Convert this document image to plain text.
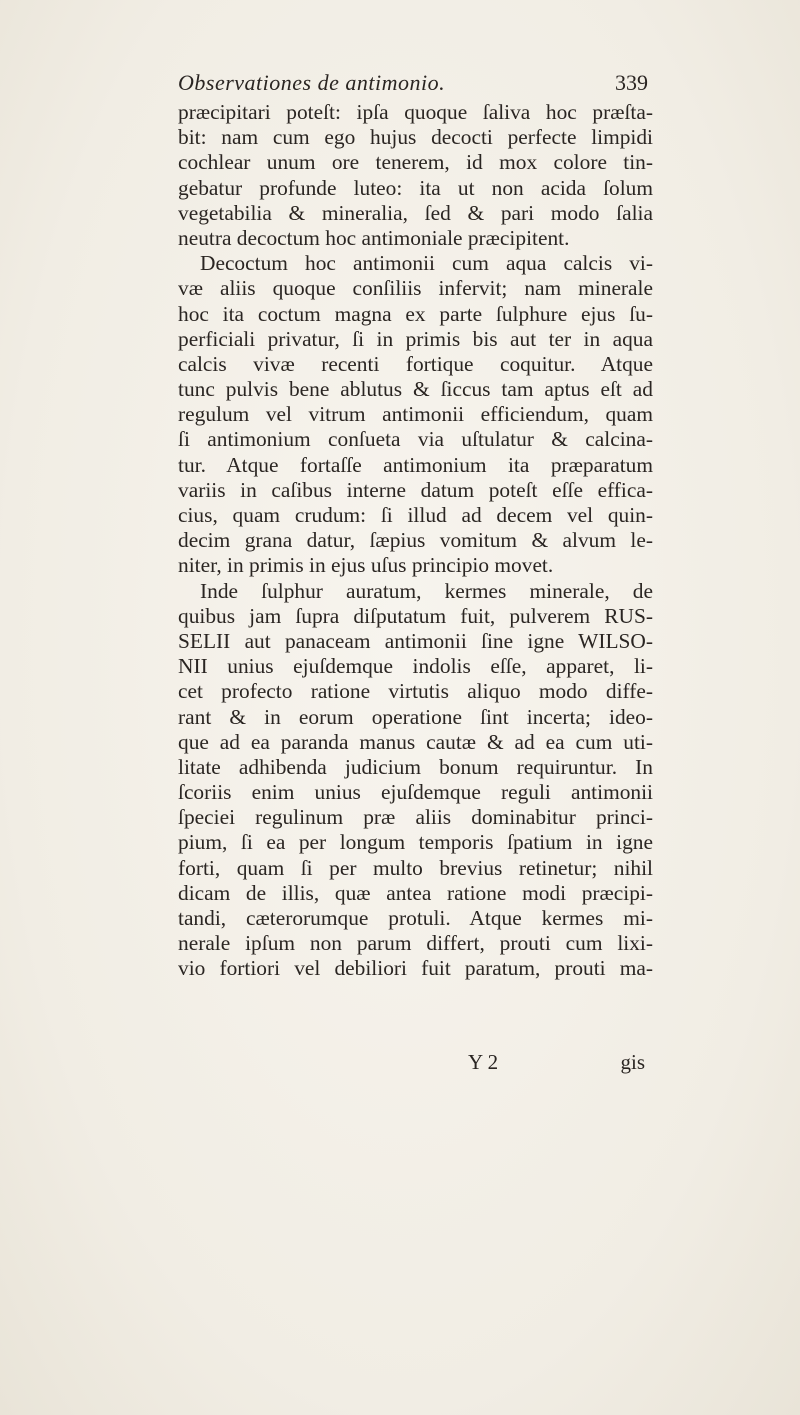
Observationes de antimonio.	339
præcipitari poteſt: ipſa quoque ſaliva hoc præſta-
bit: nam cum ego hujus decocti perfecte limpidi
cochlear unum ore tenerem, id mox colore tin-
gebatur profunde luteo: ita ut non acida ſolum
vegetabilia & mineralia, ſed & pari modo ſalia
neutra decoctum hoc antimoniale præcipitent.
Decoctum hoc antimonii cum aqua calcis vi-
væ aliis quoque conſiliis infervit; nam minerale
hoc ita coctum magna ex parte ſulphure ejus ſu-
perficiali privatur, ſi in primis bis aut ter in aqua
calcis vivæ recenti fortique coquitur. Atque
tunc pulvis bene ablutus & ſiccus tam aptus eſt ad
regulum vel vitrum antimonii efficiendum, quam
ſi antimonium conſueta via uſtulatur & calcina-
tur. Atque fortaſſe antimonium ita præparatum
variis in caſibus interne datum poteſt eſſe effica-
cius, quam crudum: ſi illud ad decem vel quin-
decim grana datur, ſæpius vomitum & alvum le-
niter, in primis in ejus uſus principio movet.
Inde ſulphur auratum, kermes minerale, de
quibus jam ſupra diſputatum fuit, pulverem RUS-
SELII aut panaceam antimonii ſine igne WILSO-
NII unius ejuſdemque indolis eſſe, apparet, li-
cet profecto ratione virtutis aliquo modo diffe-
rant & in eorum operatione ſint incerta; ideo-
que ad ea paranda manus cautæ & ad ea cum uti-
litate adhibenda judicium bonum requiruntur. In
ſcoriis enim unius ejuſdemque reguli antimonii
ſpeciei regulinum præ aliis dominabitur princi-
pium, ſi ea per longum temporis ſpatium in igne
forti, quam ſi per multo brevius retinetur; nihil
dicam de illis, quæ antea ratione modi præcipi-
tandi, cæterorumque protuli. Atque kermes mi-
nerale ipſum non parum differt, prouti cum lixi-
vio fortiori vel debiliori fuit paratum, prouti ma-
Y 2	gis
